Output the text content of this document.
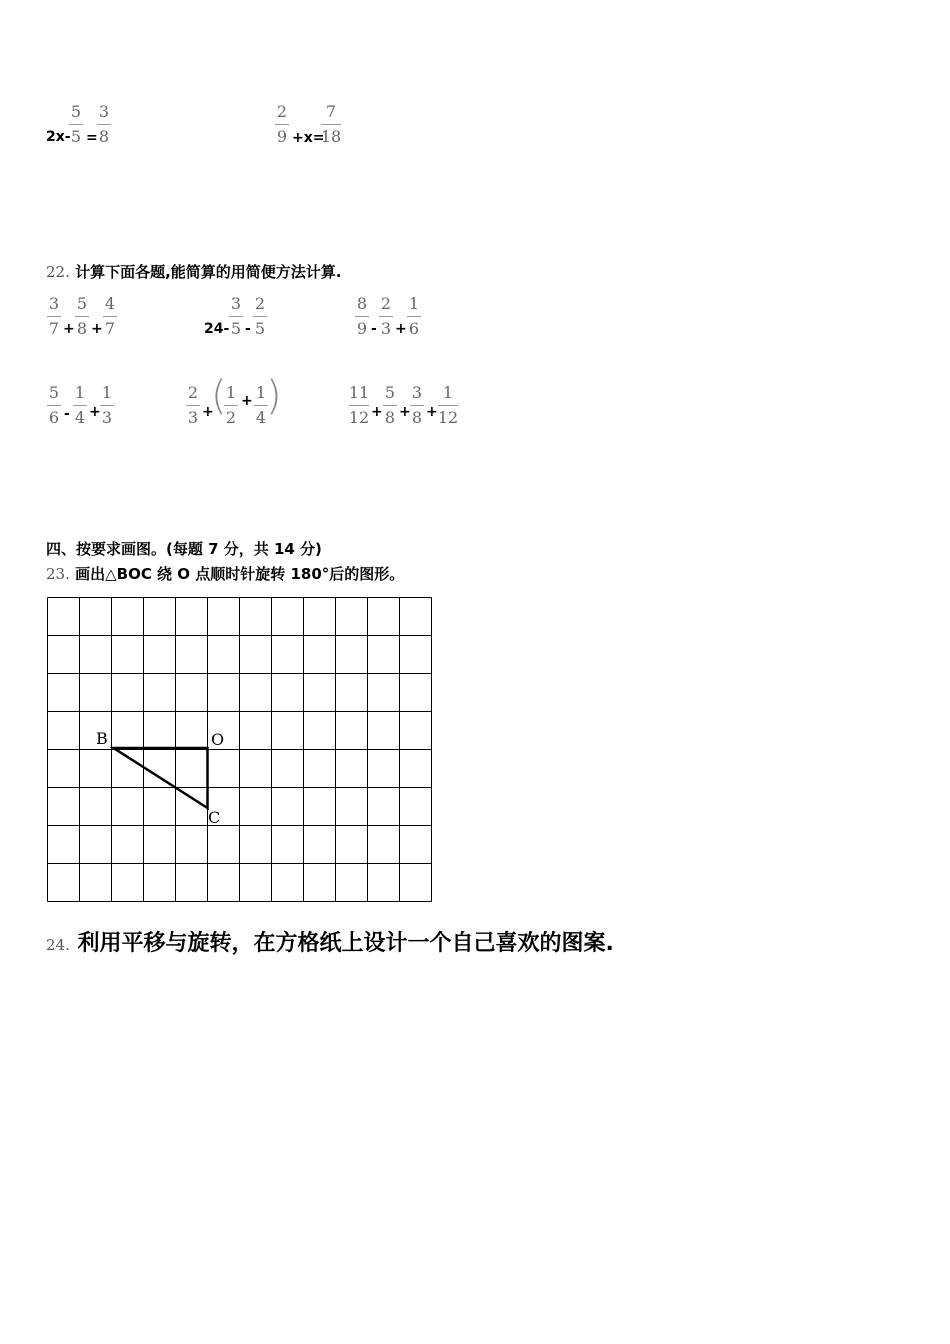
2x-
5
5 =
3
8
2
9 +x=
7
18
22. 计算下面各题,能简算的用简便方法计算.
3
7 +
5
8 +
4
7	24-
3
5 -
2
5
8
9 -
2
3 +
1
6
5
6 -
1
4 +
1
3
2
3 +
( 1
2
+ 1
4 )	11
12 +
5
8 +
3
8 +
1
12
四、按要求画图。(每题 7 分，共 14 分)
23. 画出△BOC 绕 O 点顺时针旋转 180°后的图形。
B	O
C
24. 利用平移与旋转，在方格纸上设计一个自己喜欢的图案.
